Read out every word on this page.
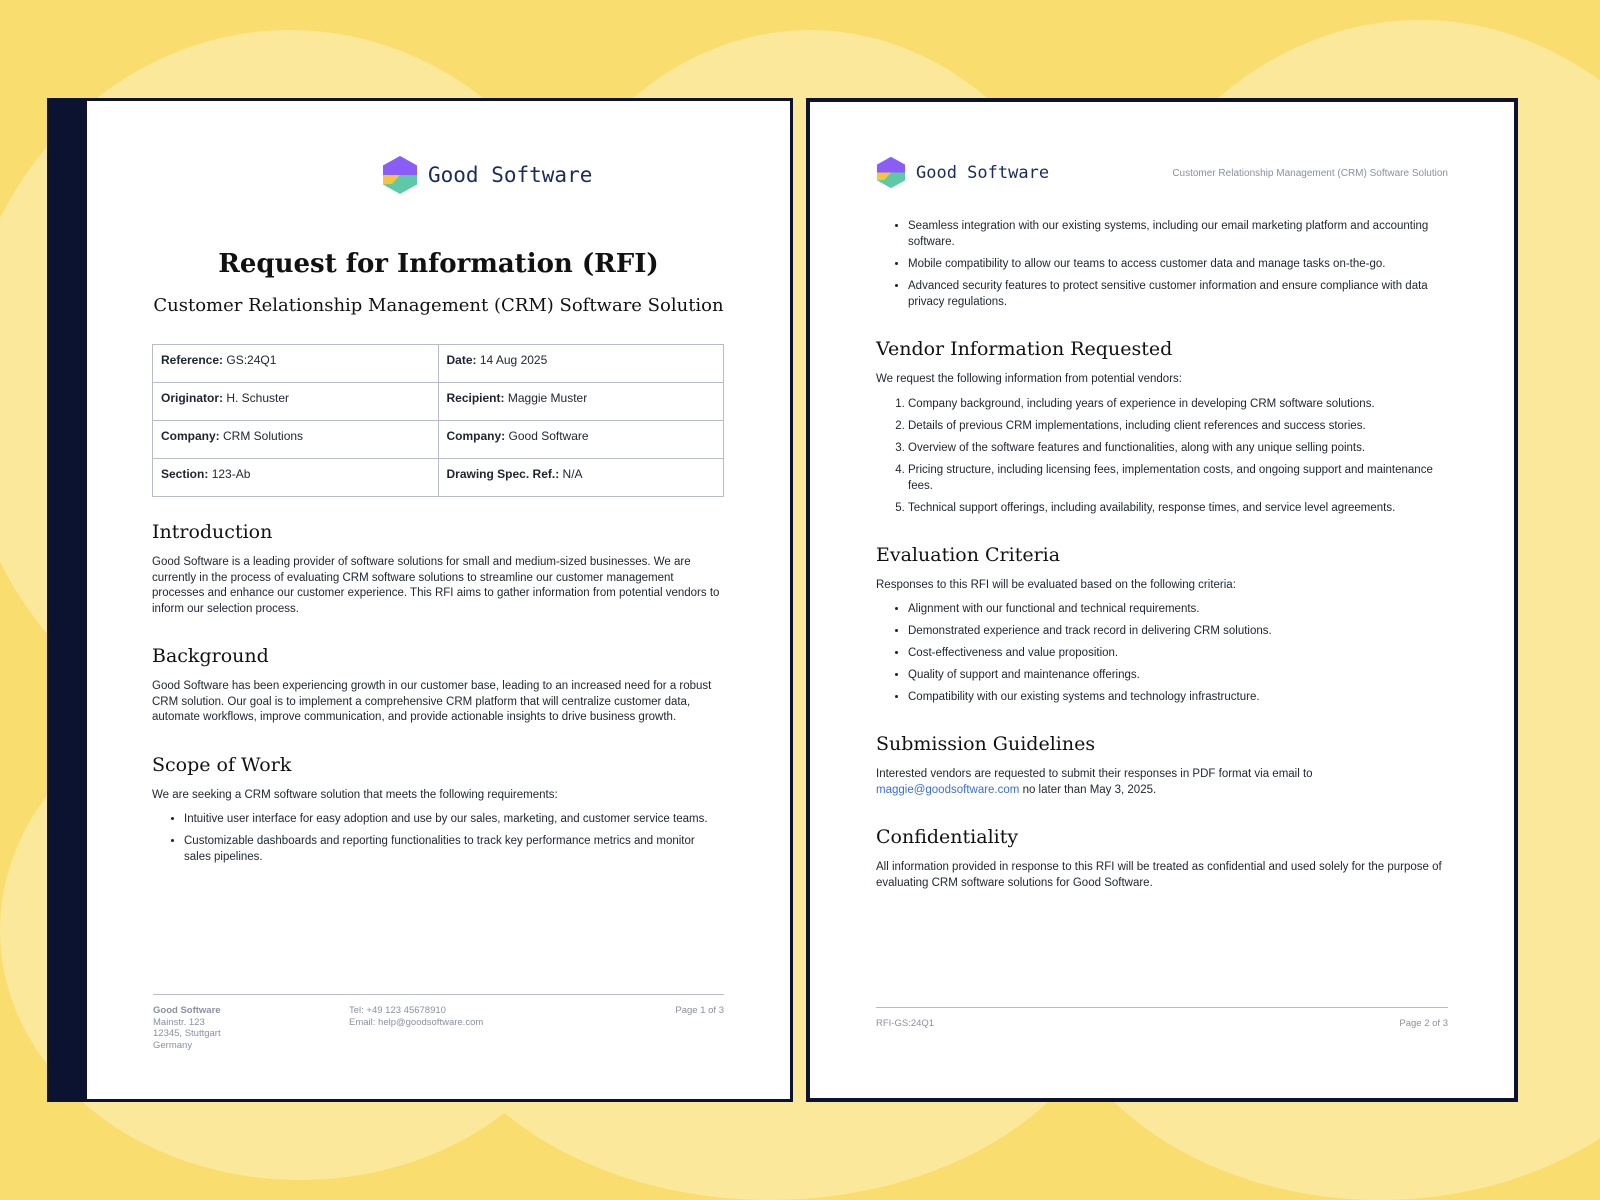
Good Software
Request for Information (RFI)
Customer Relationship Management (CRM) Software Solution
Reference: GS:24Q1	Date: 14 Aug 2025
Originator: H. Schuster	Recipient: Maggie Muster
Company: CRM Solutions	Company: Good Software
Section: 123-Ab	Drawing Spec. Ref.: N/A
Introduction

Good Software is a leading provider of software solutions for small and medium-sized businesses. We are currently in the process of evaluating CRM software solutions to streamline our customer management processes and enhance our customer experience. This RFI aims to gather information from potential vendors to inform our selection process.

Background

Good Software has been experiencing growth in our customer base, leading to an increased need for a robust CRM solution. Our goal is to implement a comprehensive CRM platform that will centralize customer data, automate workflows, improve communication, and provide actionable insights to drive business growth.

Scope of Work

We are seeking a CRM software solution that meets the following requirements:

• Intuitive user interface for easy adoption and use by our sales, marketing, and customer service teams.
• Customizable dashboards and reporting functionalities to track key performance metrics and monitor sales pipelines.
Good Software
Mainstr. 123
12345, Stuttgart
Germany
Tel: +49 123 45678910
Email: help@goodsoftware.com
Page 1 of 3
Good Software	Customer Relationship Management (CRM) Software Solution
• Seamless integration with our existing systems, including our email marketing platform and accounting software.
• Mobile compatibility to allow our teams to access customer data and manage tasks on-the-go.
• Advanced security features to protect sensitive customer information and ensure compliance with data privacy regulations.
Vendor Information Requested

We request the following information from potential vendors:

1. Company background, including years of experience in developing CRM software solutions.
2. Details of previous CRM implementations, including client references and success stories.
3. Overview of the software features and functionalities, along with any unique selling points.
4. Pricing structure, including licensing fees, implementation costs, and ongoing support and maintenance fees.
5. Technical support offerings, including availability, response times, and service level agreements.
Evaluation Criteria

Responses to this RFI will be evaluated based on the following criteria:

• Alignment with our functional and technical requirements.
• Demonstrated experience and track record in delivering CRM solutions.
• Cost-effectiveness and value proposition.
• Quality of support and maintenance offerings.
• Compatibility with our existing systems and technology infrastructure.
Submission Guidelines

Interested vendors are requested to submit their responses in PDF format via email to
maggie@goodsoftware.com no later than May 3, 2025.

Confidentiality

All information provided in response to this RFI will be treated as confidential and used solely for the purpose of evaluating CRM software solutions for Good Software.

RFI-GS:24Q1	Page 2 of 3
